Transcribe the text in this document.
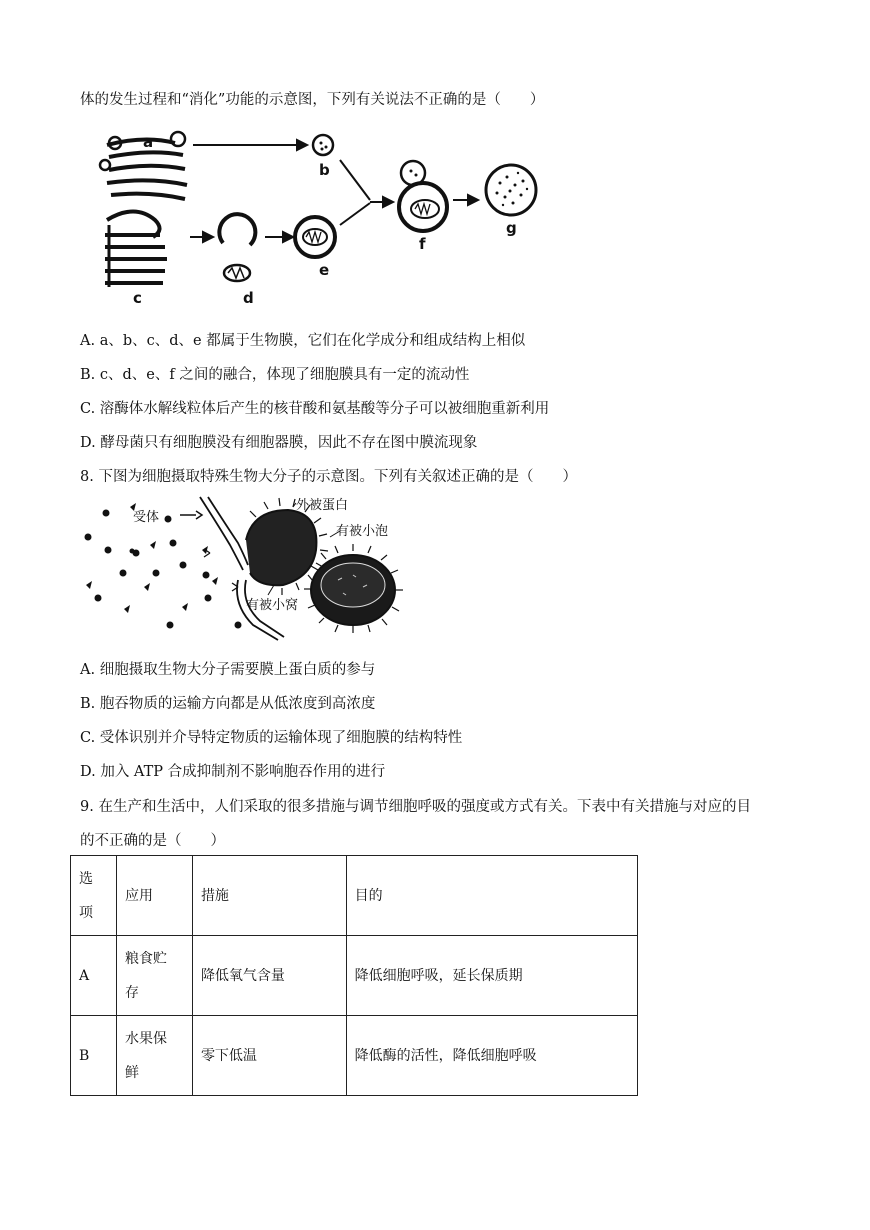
体的发生过程和“消化”功能的示意图，下列有关说法不正确的是（　　）
a
b
c	d
e
f
g
A. a、b、c、d、e 都属于生物膜，它们在化学成分和组成结构上相似
B. c、d、e、f 之间的融合，体现了细胞膜具有一定的流动性
C. 溶酶体水解线粒体后产生的核苷酸和氨基酸等分子可以被细胞重新利用
D. 酵母菌只有细胞膜没有细胞器膜，因此不存在图中膜流现象
8. 下图为细胞摄取特殊生物大分子的示意图。下列有关叙述正确的是（　　）
受体
外被蛋白
有被小泡
有被小窝
A. 细胞摄取生物大分子需要膜上蛋白质的参与
B. 胞吞物质的运输方向都是从低浓度到高浓度
C. 受体识别并介导特定物质的运输体现了细胞膜的结构特性
D. 加入 ATP 合成抑制剂不影响胞吞作用的进行
9. 在生产和生活中，人们采取的很多措施与调节细胞呼吸的强度或方式有关。下表中有关措施与对应的目
的不正确的是（　　）
选项	应用	措施	目的
A	粮食贮存	降低氧气含量	降低细胞呼吸，延长保质期
B	水果保鲜	零下低温	降低酶的活性，降低细胞呼吸
